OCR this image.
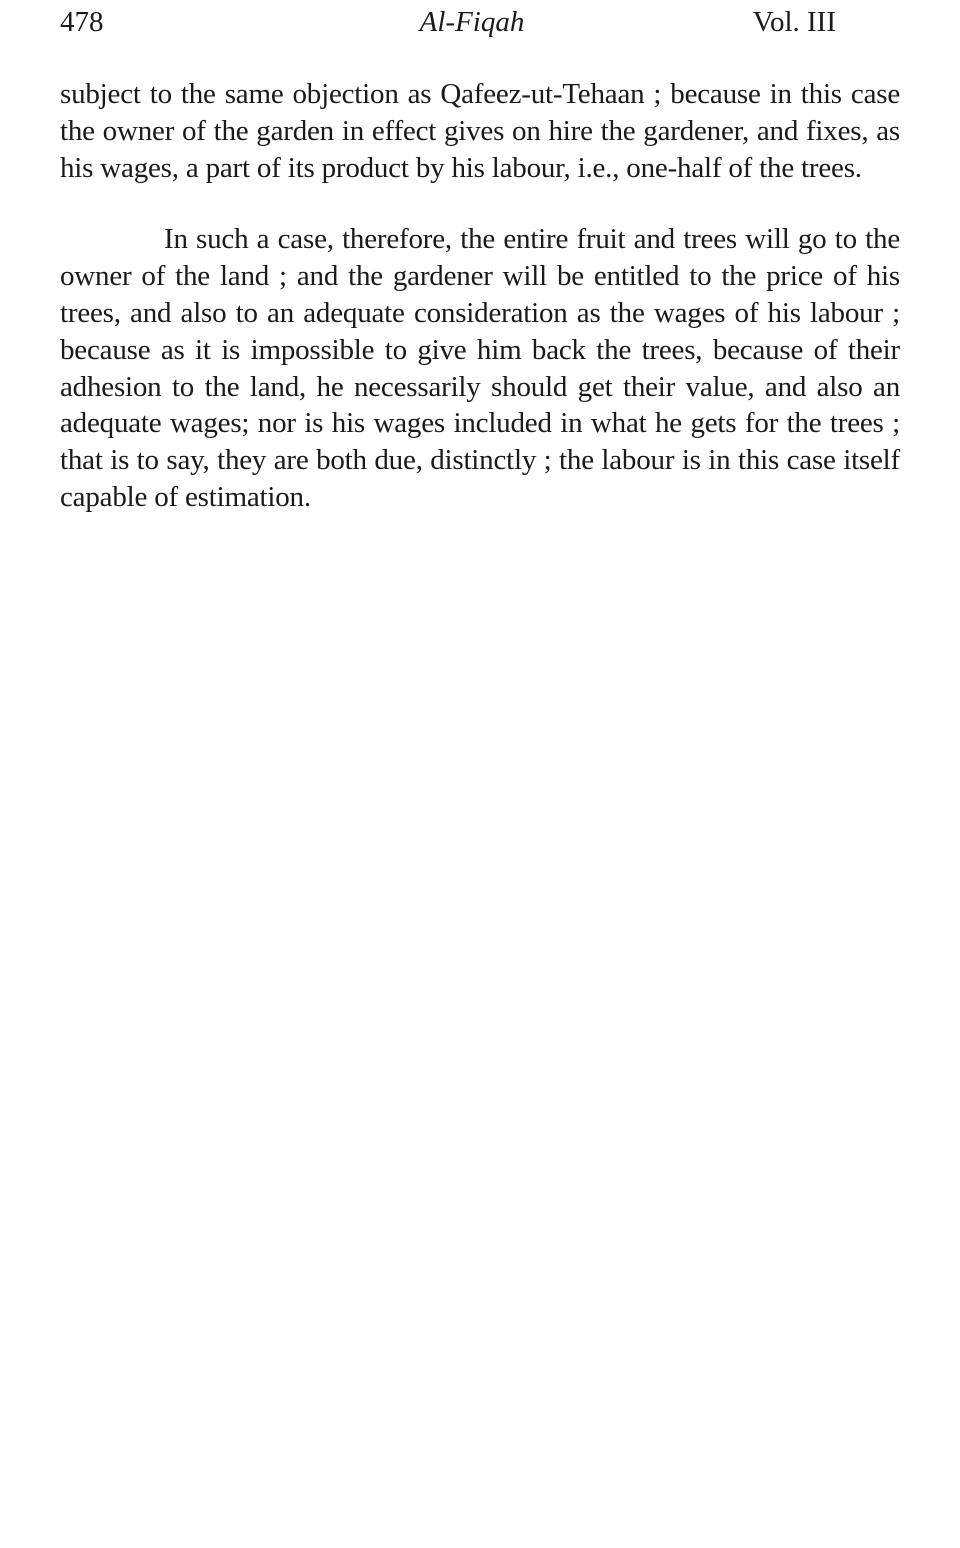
478	Al-Fiqah	Vol. III

subject to the same objection as Qafeez-ut-Tehaan ; because in this case the owner of the garden in effect gives on hire the gardener, and fixes, as his wages, a part of its product by his labour, i.e., one-half of the trees.

In such a case, therefore, the entire fruit and trees will go to the owner of the land ; and the gardener will be entitled to the price of his trees, and also to an adequate consideration as the wages of his labour ; because as it is impossible to give him back the trees, because of their adhesion to the land, he necessarily should get their value, and also an adequate wages; nor is his wages included in what he gets for the trees ; that is to say, they are both due, distinctly ; the labour is in this case itself capable of estimation.
